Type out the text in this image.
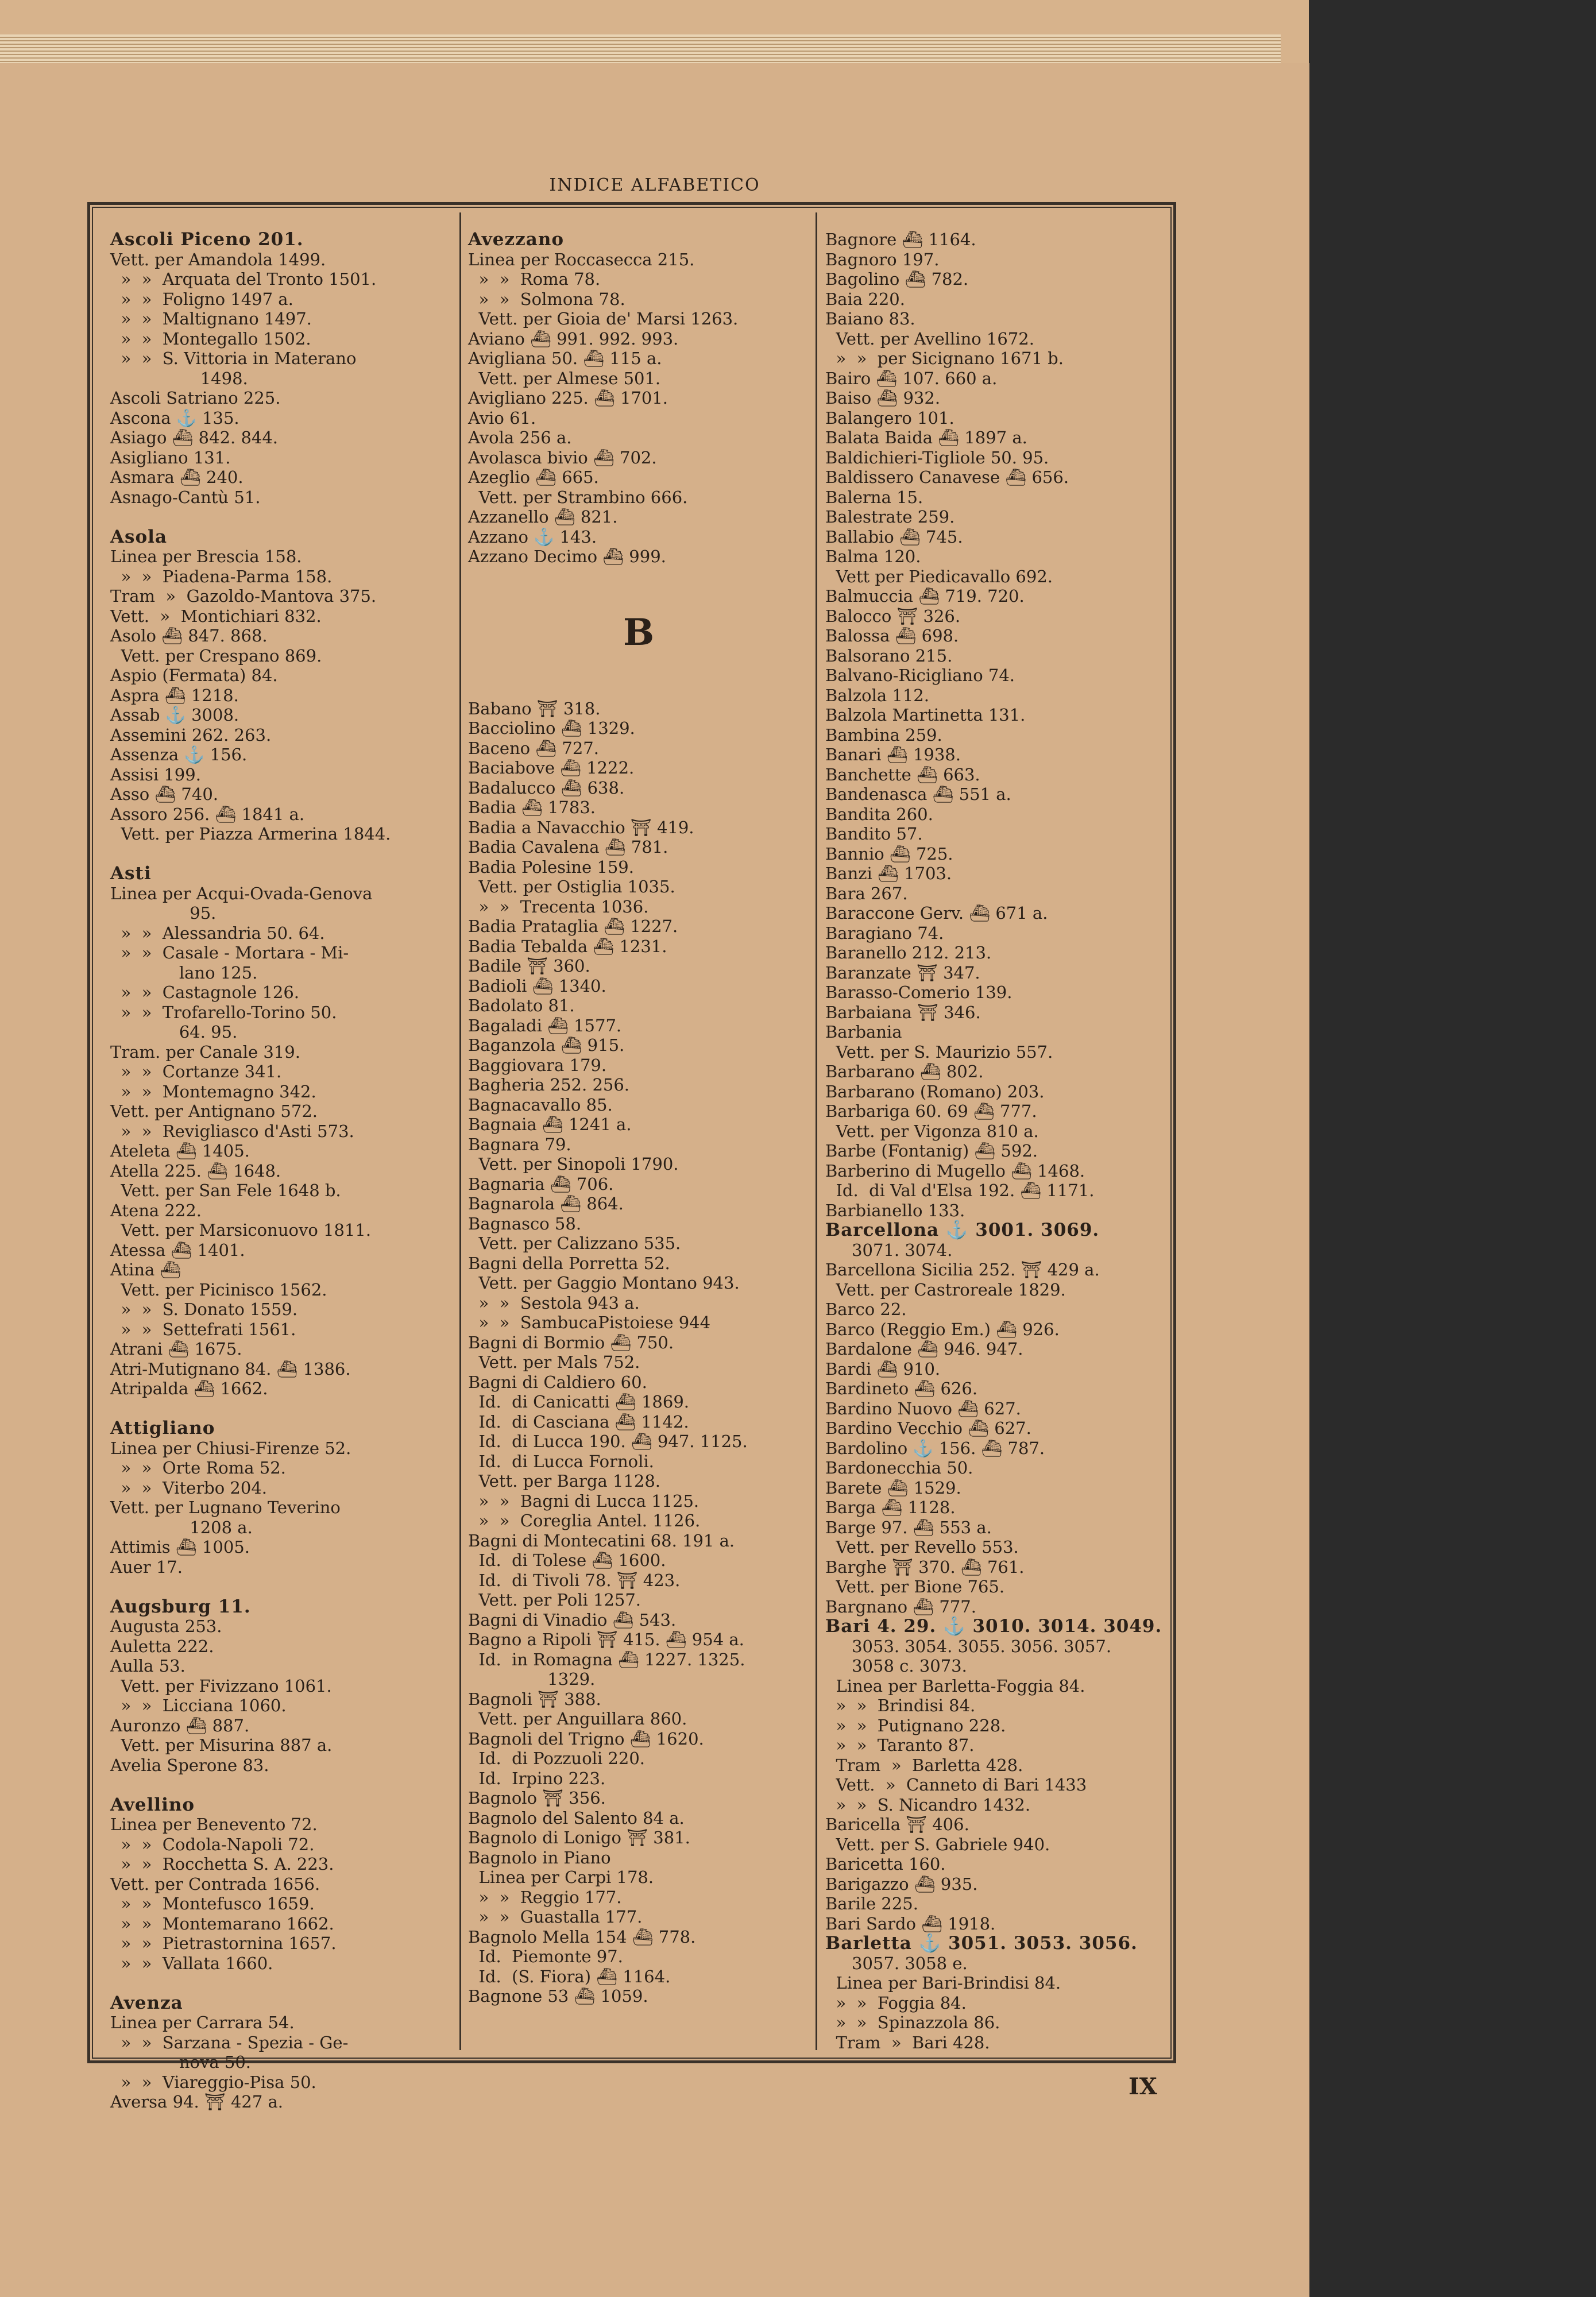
INDICE ALFABETICO
Ascoli Piceno 201.
Vett. per Amandola 1499.
»  »  Arquata del Tronto 1501.
»  »  Foligno 1497 a.
»  »  Maltignano 1497.
»  »  Montegallo 1502.
»  »  S. Vittoria in Materano
1498.
Ascoli Satriano 225.
Ascona ⚓ 135.
Asiago ⛴ 842. 844.
Asigliano 131.
Asmara ⛴ 240.
Asnago-Cantù 51.
Asola
Linea per Brescia 158.
»  »  Piadena-Parma 158.
Tram  »  Gazoldo-Mantova 375.
Vett.  »  Montichiari 832.
Asolo ⛴ 847. 868.
Vett. per Crespano 869.
Aspio (Fermata) 84.
Aspra ⛴ 1218.
Assab ⚓ 3008.
Assemini 262. 263.
Assenza ⚓ 156.
Assisi 199.
Asso ⛴ 740.
Assoro 256. ⛴ 1841 a.
Vett. per Piazza Armerina 1844.
Asti
Linea per Acqui-Ovada-Genova
95.
»  »  Alessandria 50. 64.
»  »  Casale - Mortara - Mi-
lano 125.
»  »  Castagnole 126.
»  »  Trofarello-Torino 50.
64. 95.
Tram. per Canale 319.
»  »  Cortanze 341.
»  »  Montemagno 342.
Vett. per Antignano 572.
»  »  Revigliasco d'Asti 573.
Ateleta ⛴ 1405.
Atella 225. ⛴ 1648.
Vett. per San Fele 1648 b.
Atena 222.
Vett. per Marsiconuovo 1811.
Atessa ⛴ 1401.
Atina ⛴
Vett. per Picinisco 1562.
»  »  S. Donato 1559.
»  »  Settefrati 1561.
Atrani ⛴ 1675.
Atri-Mutignano 84. ⛴ 1386.
Atripalda ⛴ 1662.
Attigliano
Linea per Chiusi-Firenze 52.
»  »  Orte Roma 52.
»  »  Viterbo 204.
Vett. per Lugnano Teverino
1208 a.
Attimis ⛴ 1005.
Auer 17.
Augsburg 11.
Augusta 253.
Auletta 222.
Aulla 53.
Vett. per Fivizzano 1061.
»  »  Licciana 1060.
Auronzo ⛴ 887.
Vett. per Misurina 887 a.
Avelia Sperone 83.
Avellino
Linea per Benevento 72.
»  »  Codola-Napoli 72.
»  »  Rocchetta S. A. 223.
Vett. per Contrada 1656.
»  »  Montefusco 1659.
»  »  Montemarano 1662.
»  »  Pietrastornina 1657.
»  »  Vallata 1660.
Avenza
Linea per Carrara 54.
»  »  Sarzana - Spezia - Ge-
nova 50.
»  »  Viareggio-Pisa 50.
Aversa 94. ⛩ 427 a.
Avezzano
Linea per Roccasecca 215.
»  »  Roma 78.
»  »  Solmona 78.
Vett. per Gioia de' Marsi 1263.
Aviano ⛴ 991. 992. 993.
Avigliana 50. ⛴ 115 a.
Vett. per Almese 501.
Avigliano 225. ⛴ 1701.
Avio 61.
Avola 256 a.
Avolasca bivio ⛴ 702.
Azeglio ⛴ 665.
Vett. per Strambino 666.
Azzanello ⛴ 821.
Azzano ⚓ 143.
Azzano Decimo ⛴ 999.
B
Babano ⛩ 318.
Bacciolino ⛴ 1329.
Baceno ⛴ 727.
Baciabove ⛴ 1222.
Badalucco ⛴ 638.
Badia ⛴ 1783.
Badia a Navacchio ⛩ 419.
Badia Cavalena ⛴ 781.
Badia Polesine 159.
Vett. per Ostiglia 1035.
»  »  Trecenta 1036.
Badia Prataglia ⛴ 1227.
Badia Tebalda ⛴ 1231.
Badile ⛩ 360.
Badioli ⛴ 1340.
Badolato 81.
Bagaladi ⛴ 1577.
Baganzola ⛴ 915.
Baggiovara 179.
Bagheria 252. 256.
Bagnacavallo 85.
Bagnaia ⛴ 1241 a.
Bagnara 79.
Vett. per Sinopoli 1790.
Bagnaria ⛴ 706.
Bagnarola ⛴ 864.
Bagnasco 58.
Vett. per Calizzano 535.
Bagni della Porretta 52.
Vett. per Gaggio Montano 943.
»  »  Sestola 943 a.
»  »  SambucaPistoiese 944
Bagni di Bormio ⛴ 750.
Vett. per Mals 752.
Bagni di Caldiero 60.
Id.  di Canicatti ⛴ 1869.
Id.  di Casciana ⛴ 1142.
Id.  di Lucca 190. ⛴ 947. 1125.
Id.  di Lucca Fornoli.
Vett. per Barga 1128.
»  »  Bagni di Lucca 1125.
»  »  Coreglia Antel. 1126.
Bagni di Montecatini 68. 191 a.
Id.  di Tolese ⛴ 1600.
Id.  di Tivoli 78. ⛩ 423.
Vett. per Poli 1257.
Bagni di Vinadio ⛴ 543.
Bagno a Ripoli ⛩ 415. ⛴ 954 a.
Id.  in Romagna ⛴ 1227. 1325.
1329.
Bagnoli ⛩ 388.
Vett. per Anguillara 860.
Bagnoli del Trigno ⛴ 1620.
Id.  di Pozzuoli 220.
Id.  Irpino 223.
Bagnolo ⛩ 356.
Bagnolo del Salento 84 a.
Bagnolo di Lonigo ⛩ 381.
Bagnolo in Piano
Linea per Carpi 178.
»  »  Reggio 177.
»  »  Guastalla 177.
Bagnolo Mella 154 ⛴ 778.
Id.  Piemonte 97.
Id.  (S. Fiora) ⛴ 1164.
Bagnone 53 ⛴ 1059.
Bagnore ⛴ 1164.
Bagnoro 197.
Bagolino ⛴ 782.
Baia 220.
Baiano 83.
Vett. per Avellino 1672.
»  »  per Sicignano 1671 b.
Bairo ⛴ 107. 660 a.
Baiso ⛴ 932.
Balangero 101.
Balata Baida ⛴ 1897 a.
Baldichieri-Tigliole 50. 95.
Baldissero Canavese ⛴ 656.
Balerna 15.
Balestrate 259.
Ballabio ⛴ 745.
Balma 120.
Vett per Piedicavallo 692.
Balmuccia ⛴ 719. 720.
Balocco ⛩ 326.
Balossa ⛴ 698.
Balsorano 215.
Balvano-Ricigliano 74.
Balzola 112.
Balzola Martinetta 131.
Bambina 259.
Banari ⛴ 1938.
Banchette ⛴ 663.
Bandenasca ⛴ 551 a.
Bandita 260.
Bandito 57.
Bannio ⛴ 725.
Banzi ⛴ 1703.
Bara 267.
Baraccone Gerv. ⛴ 671 a.
Baragiano 74.
Baranello 212. 213.
Baranzate ⛩ 347.
Barasso-Comerio 139.
Barbaiana ⛩ 346.
Barbania
Vett. per S. Maurizio 557.
Barbarano ⛴ 802.
Barbarano (Romano) 203.
Barbariga 60. 69 ⛴ 777.
Vett. per Vigonza 810 a.
Barbe (Fontanig) ⛴ 592.
Barberino di Mugello ⛴ 1468.
Id.  di Val d'Elsa 192. ⛴ 1171.
Barbianello 133.
Barcellona ⚓ 3001. 3069.
3071. 3074.
Barcellona Sicilia 252. ⛩ 429 a.
Vett. per Castroreale 1829.
Barco 22.
Barco (Reggio Em.) ⛴ 926.
Bardalone ⛴ 946. 947.
Bardi ⛴ 910.
Bardineto ⛴ 626.
Bardino Nuovo ⛴ 627.
Bardino Vecchio ⛴ 627.
Bardolino ⚓ 156. ⛴ 787.
Bardonecchia 50.
Barete ⛴ 1529.
Barga ⛴ 1128.
Barge 97. ⛴ 553 a.
Vett. per Revello 553.
Barghe ⛩ 370. ⛴ 761.
Vett. per Bione 765.
Bargnano ⛴ 777.
Bari 4. 29. ⚓ 3010. 3014. 3049.
3053. 3054. 3055. 3056. 3057.
3058 c. 3073.
Linea per Barletta-Foggia 84.
»  »  Brindisi 84.
»  »  Putignano 228.
»  »  Taranto 87.
Tram  »  Barletta 428.
Vett.  »  Canneto di Bari 1433
»  »  S. Nicandro 1432.
Baricella ⛩ 406.
Vett. per S. Gabriele 940.
Baricetta 160.
Barigazzo ⛴ 935.
Barile 225.
Bari Sardo ⛴ 1918.
Barletta ⚓ 3051. 3053. 3056.
3057. 3058 e.
Linea per Bari-Brindisi 84.
»  »  Foggia 84.
»  »  Spinazzola 86.
Tram  »  Bari 428.
IX
